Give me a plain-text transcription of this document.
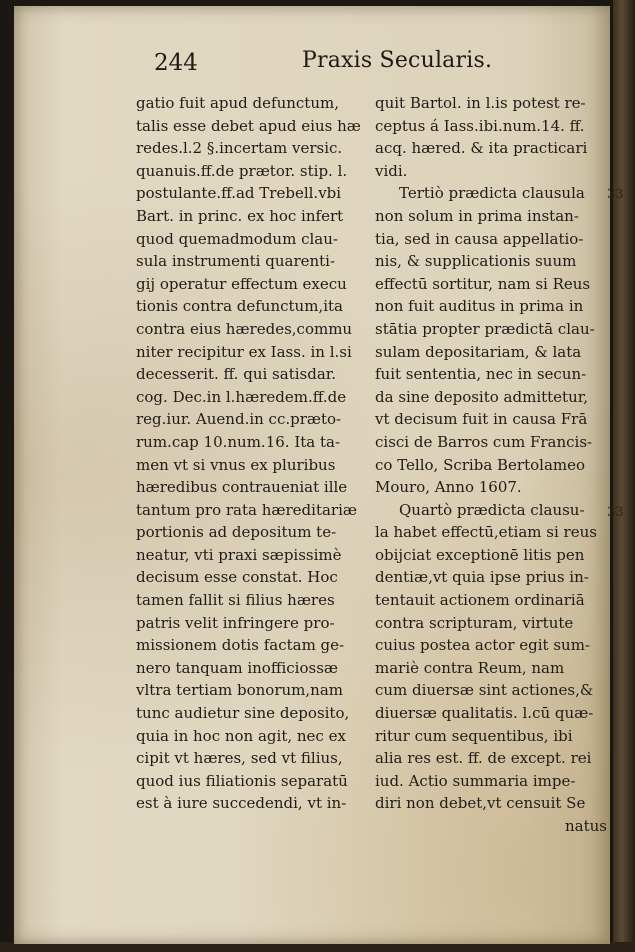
244	Praxis Secularis.
gatio fuit apud defunctum,
talis esse debet apud eius hæ
redes.l.2 §.incertam versic.
quanuis.ff.de prætor. stip. l.
postulante.ff.ad Trebell.vbi
Bart. in princ. ex hoc infert
quod quemadmodum clau-
sula instrumenti quarenti-
gij operatur effectum execu
tionis contra defunctum,ita
contra eius hæredes,commu
niter recipitur ex Iass. in l.si
decesserit. ff. qui satisdar.
cog. Dec.in l.hæredem.ff.de
reg.iur. Auend.in cc.prætо-
rum.cap 10.num.16. Ita ta-
men vt si vnus ex pluribus
hæredibus contraueniat ille
tantum pro rata hæreditariæ
portionis ad depositum te-
neatur, vti praxi sæpissimè
decisum esse constat. Hoc
tamen fallit si filius hæres
patris velit infringere pro-
missionem dotis factam ge-
nero tanquam inofficiossæ
vltra tertiam bonorum,nam
tunc audietur sine deposito,
quia in hoc non agit, nec ex
cipit vt hæres, sed vt filius,
quod ius filiationis separatū
est à iure succedendi, vt in-
quit Bartol. in l.is potest re-
ceptus á Iass.ibi.num.14. ff.
acq. hæred. & ita practicari
vidi.
Tertiò prædicta clausula
non solum in prima instan-
tia, sed in causa appellatio-
nis, & supplicationis suum
effectū sortitur, nam si Reus
non fuit auditus in prima in
stātia propter prædictā clau-
sulam depositariam, & lata
fuit sententia, nec in secun-
da sine deposito admittetur,
vt decisum fuit in causa Frā
cisci de Barros cum Francis-
co Tello, Scriba Bertolameo
Mouro, Anno 1607.
Quartò prædicta clausu-
la habet effectū,etiam si reus
obijciat exceptionē litis pen
dentiæ,vt quia ipse prius in-
tentauit actionem ordinariā
contra scripturam, virtute
cuius postea actor egit sum-
mariè contra Reum, nam
cum diuersæ sint actiones,&
diuersæ qualitatis. l.cū quæ-
ritur cum sequentibus, ibi
alia res est. ff. de except. rei
iud. Actio summaria impe-
diri non debet,vt censuit Se
natus
33
33
